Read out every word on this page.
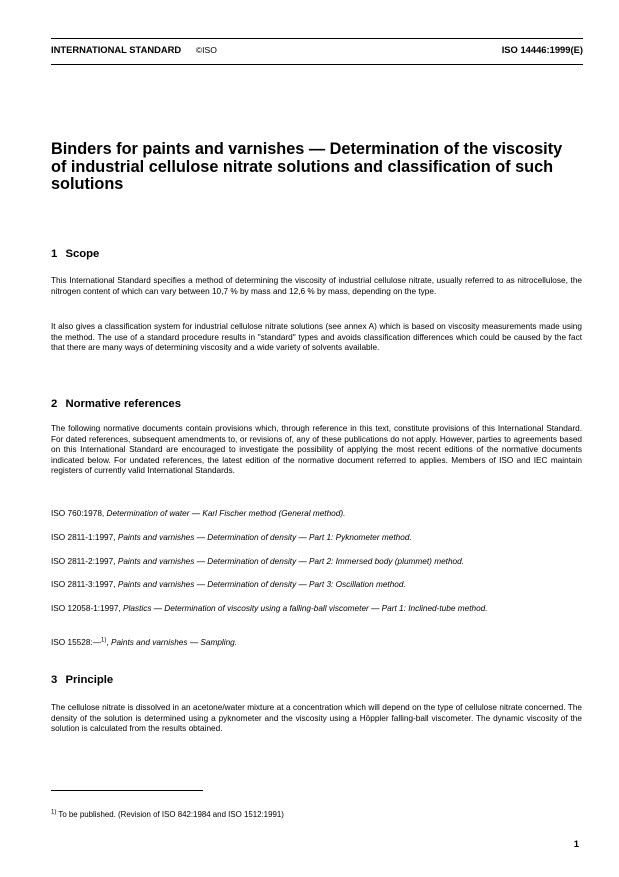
INTERNATIONAL STANDARD ©ISO	ISO 14446:1999(E)
Binders for paints and varnishes — Determination of the viscosity of industrial cellulose nitrate solutions and classification of such solutions
1 Scope
This International Standard specifies a method of determining the viscosity of industrial cellulose nitrate, usually referred to as nitrocellulose, the nitrogen content of which can vary between 10,7 % by mass and 12,6 % by mass, depending on the type.
It also gives a classification system for industrial cellulose nitrate solutions (see annex A) which is based on viscosity measurements made using the method. The use of a standard procedure results in "standard" types and avoids classification differences which could be caused by the fact that there are many ways of determining viscosity and a wide variety of solvents available.
2 Normative references
The following normative documents contain provisions which, through reference in this text, constitute provisions of this International Standard. For dated references, subsequent amendments to, or revisions of, any of these publications do not apply. However, parties to agreements based on this International Standard are encouraged to investigate the possibility of applying the most recent editions of the normative documents indicated below. For undated references, the latest edition of the normative document referred to applies. Members of ISO and IEC maintain registers of currently valid International Standards.
ISO 760:1978, Determination of water — Karl Fischer method (General method).
ISO 2811-1:1997, Paints and varnishes — Determination of density — Part 1: Pyknometer method.
ISO 2811-2:1997, Paints and varnishes — Determination of density — Part 2: Immersed body (plummet) method.
ISO 2811-3:1997, Paints and varnishes — Determination of density — Part 3: Oscillation method.
ISO 12058-1:1997, Plastics — Determination of viscosity using a falling-ball viscometer — Part 1: Inclined-tube method.
ISO 15528:—$^{1)}$, Paints and varnishes — Sampling.
3 Principle
The cellulose nitrate is dissolved in an acetone/water mixture at a concentration which will depend on the type of cellulose nitrate concerned. The density of the solution is determined using a pyknometer and the viscosity using a Höppler falling-ball viscometer. The dynamic viscosity of the solution is calculated from the results obtained.
$^{1)}$ To be published. (Revision of ISO 842:1984 and ISO 1512:1991)
1
